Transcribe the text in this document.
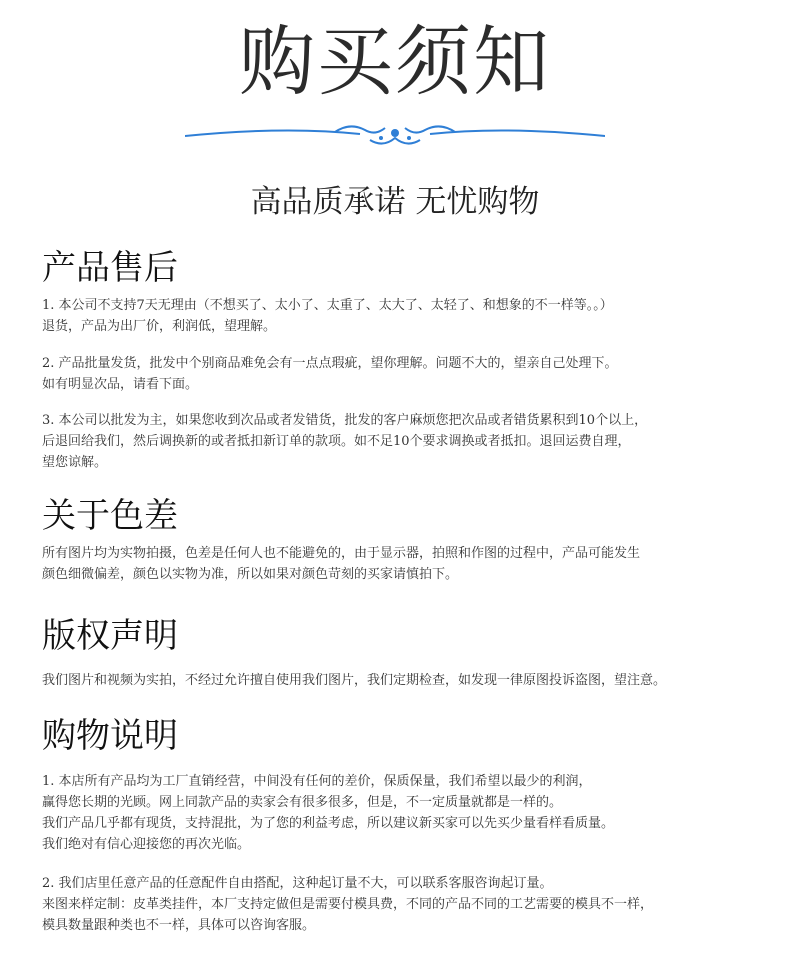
购买须知
高品质承诺 无忧购物
产品售后
1. 本公司不支持7天无理由（不想买了、太小了、太重了、太大了、太轻了、和想象的不一样等。。）
退货，产品为出厂价，利润低，望理解。
2. 产品批量发货，批发中个别商品难免会有一点点瑕疵，望你理解。问题不大的，望亲自己处理下。
如有明显次品，请看下面。
3. 本公司以批发为主，如果您收到次品或者发错货，批发的客户麻烦您把次品或者错货累积到10个以上，
后退回给我们，然后调换新的或者抵扣新订单的款项。如不足10个要求调换或者抵扣。退回运费自理，
望您谅解。
关于色差
所有图片均为实物拍摄，色差是任何人也不能避免的，由于显示器，拍照和作图的过程中，产品可能发生
颜色细微偏差，颜色以实物为准，所以如果对颜色苛刻的买家请慎拍下。
版权声明
我们图片和视频为实拍，不经过允许擅自使用我们图片，我们定期检查，如发现一律原图投诉盗图，望注意。
购物说明
1. 本店所有产品均为工厂直销经营，中间没有任何的差价，保质保量，我们希望以最少的利润，
赢得您长期的光顾。网上同款产品的卖家会有很多很多，但是，不一定质量就都是一样的。
我们产品几乎都有现货，支持混批，为了您的利益考虑，所以建议新买家可以先买少量看样看质量。
我们绝对有信心迎接您的再次光临。
2. 我们店里任意产品的任意配件自由搭配，这种起订量不大，可以联系客服咨询起订量。
来图来样定制：皮革类挂件，本厂支持定做但是需要付模具费，不同的产品不同的工艺需要的模具不一样，
模具数量跟种类也不一样，具体可以咨询客服。
